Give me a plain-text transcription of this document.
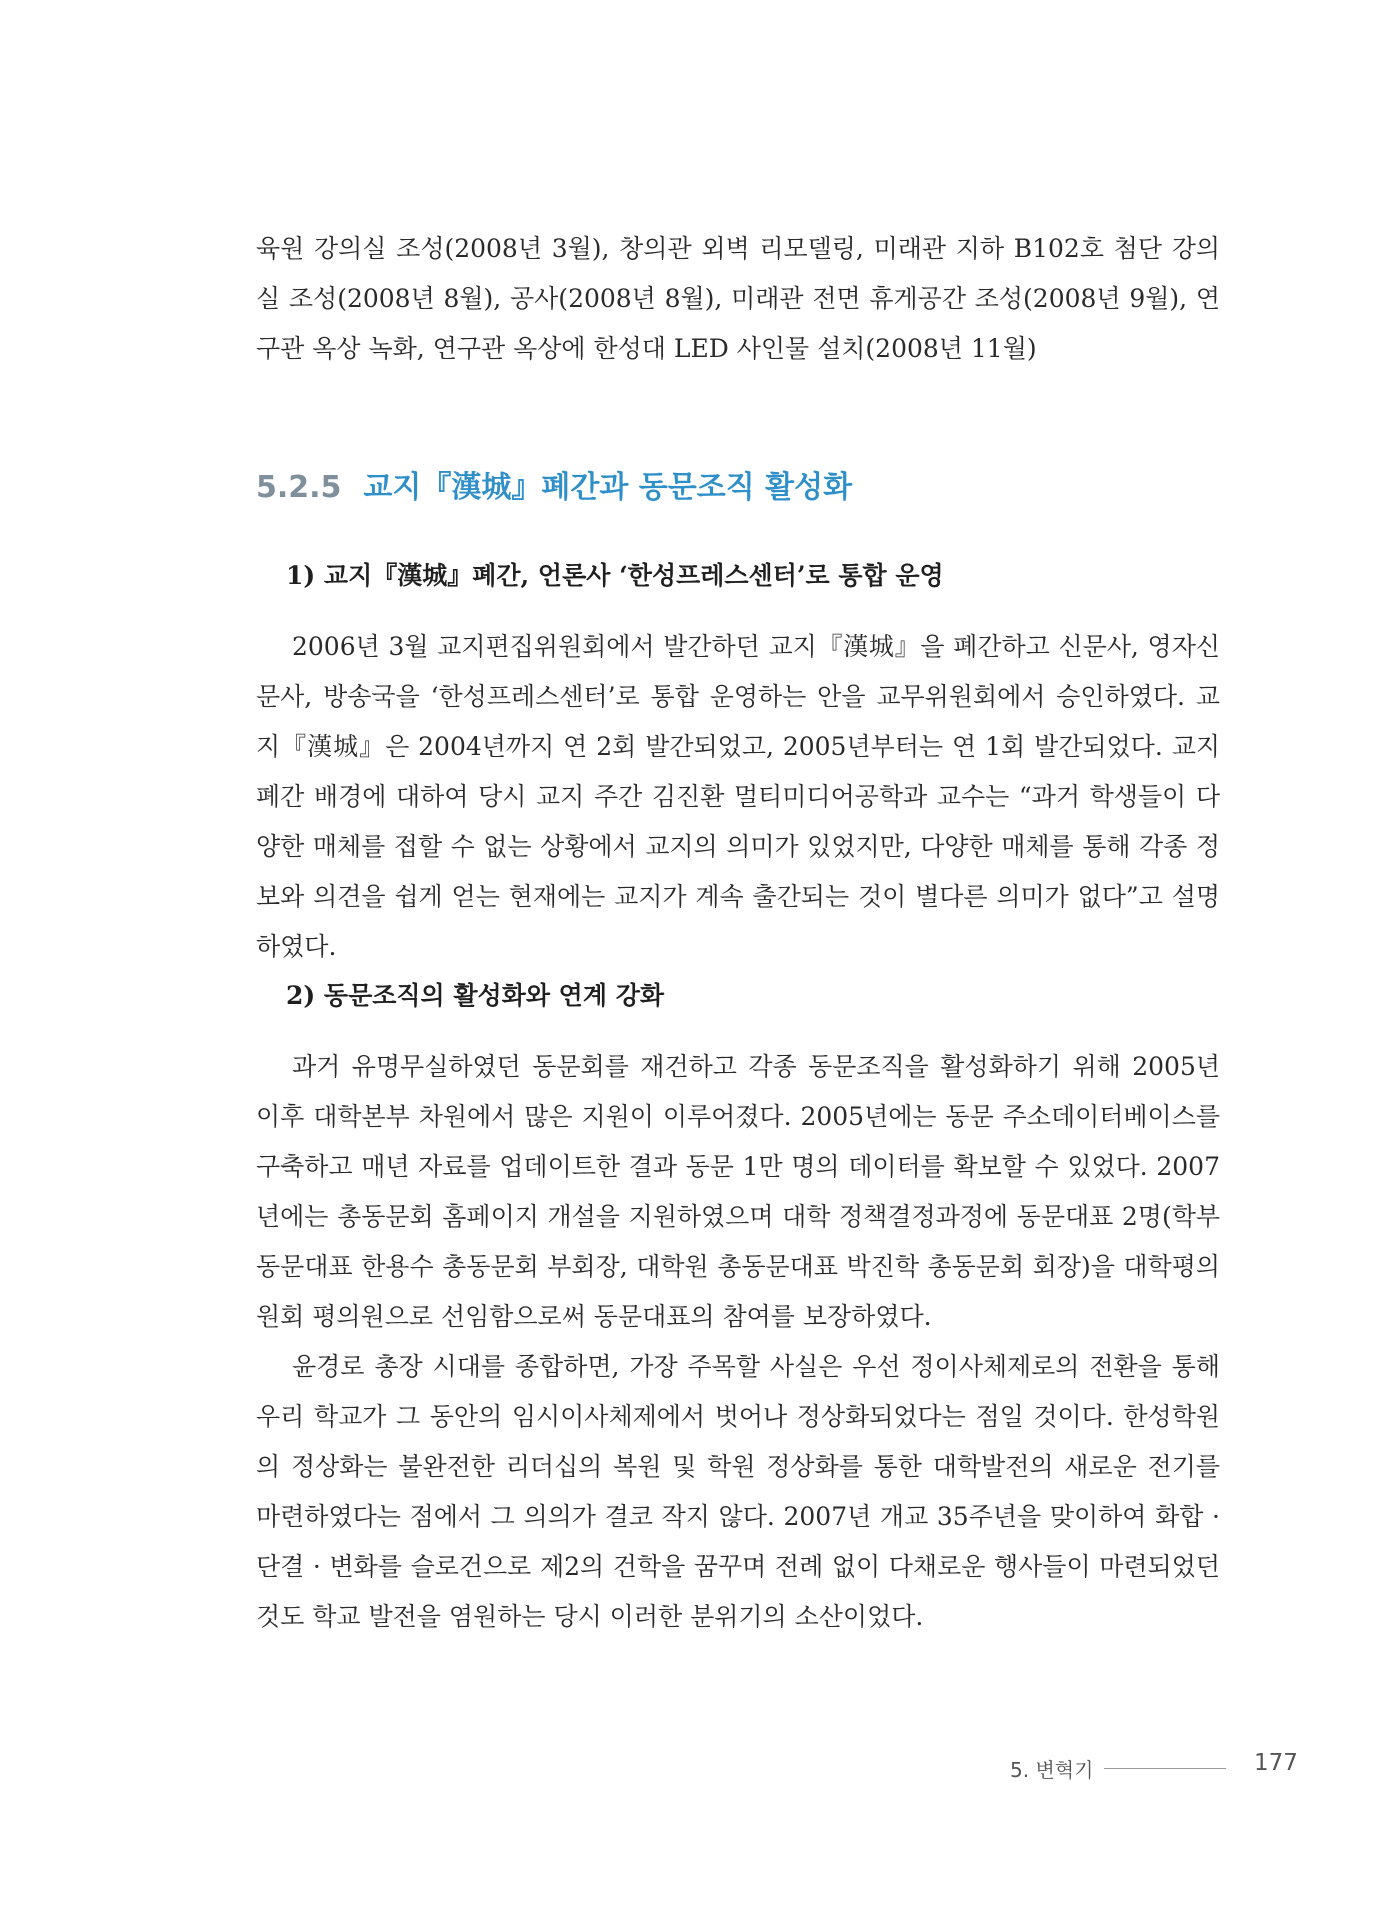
육원 강의실 조성(2008년 3월), 창의관 외벽 리모델링, 미래관 지하 B102호 첨단 강의실 조성(2008년 8월), 공사(2008년 8월), 미래관 전면 휴게공간 조성(2008년 9월), 연구관 옥상 녹화, 연구관 옥상에 한성대 LED 사인물 설치(2008년 11월)

5.2.5 교지『漢城』폐간과 동문조직 활성화
1) 교지『漢城』폐간, 언론사 ‘한성프레스센터’로 통합 운영

2006년 3월 교지편집위원회에서 발간하던 교지『漢城』을 폐간하고 신문사, 영자신문사, 방송국을 ‘한성프레스센터’로 통합 운영하는 안을 교무위원회에서 승인하였다. 교지『漢城』은 2004년까지 연 2회 발간되었고, 2005년부터는 연 1회 발간되었다. 교지 폐간 배경에 대하여 당시 교지 주간 김진환 멀티미디어공학과 교수는 “과거 학생들이 다양한 매체를 접할 수 없는 상황에서 교지의 의미가 있었지만, 다양한 매체를 통해 각종 정보와 의견을 쉽게 얻는 현재에는 교지가 계속 출간되는 것이 별다른 의미가 없다”고 설명하였다.

2) 동문조직의 활성화와 연계 강화

과거 유명무실하였던 동문회를 재건하고 각종 동문조직을 활성화하기 위해 2005년 이후 대학본부 차원에서 많은 지원이 이루어졌다. 2005년에는 동문 주소데이터베이스를 구축하고 매년 자료를 업데이트한 결과 동문 1만 명의 데이터를 확보할 수 있었다. 2007년에는 총동문회 홈페이지 개설을 지원하였으며 대학 정책결정과정에 동문대표 2명(학부 동문대표 한용수 총동문회 부회장, 대학원 총동문대표 박진학 총동문회 회장)을 대학평의원회 평의원으로 선임함으로써 동문대표의 참여를 보장하였다.

윤경로 총장 시대를 종합하면, 가장 주목할 사실은 우선 정이사체제로의 전환을 통해 우리 학교가 그 동안의 임시이사체제에서 벗어나 정상화되었다는 점일 것이다. 한성학원의 정상화는 불완전한 리더십의 복원 및 학원 정상화를 통한 대학발전의 새로운 전기를 마련하였다는 점에서 그 의의가 결코 작지 않다. 2007년 개교 35주년을 맞이하여 화합 · 단결 · 변화를 슬로건으로 제2의 건학을 꿈꾸며 전례 없이 다채로운 행사들이 마련되었던 것도 학교 발전을 염원하는 당시 이러한 분위기의 소산이었다.

5. 변혁기	177
